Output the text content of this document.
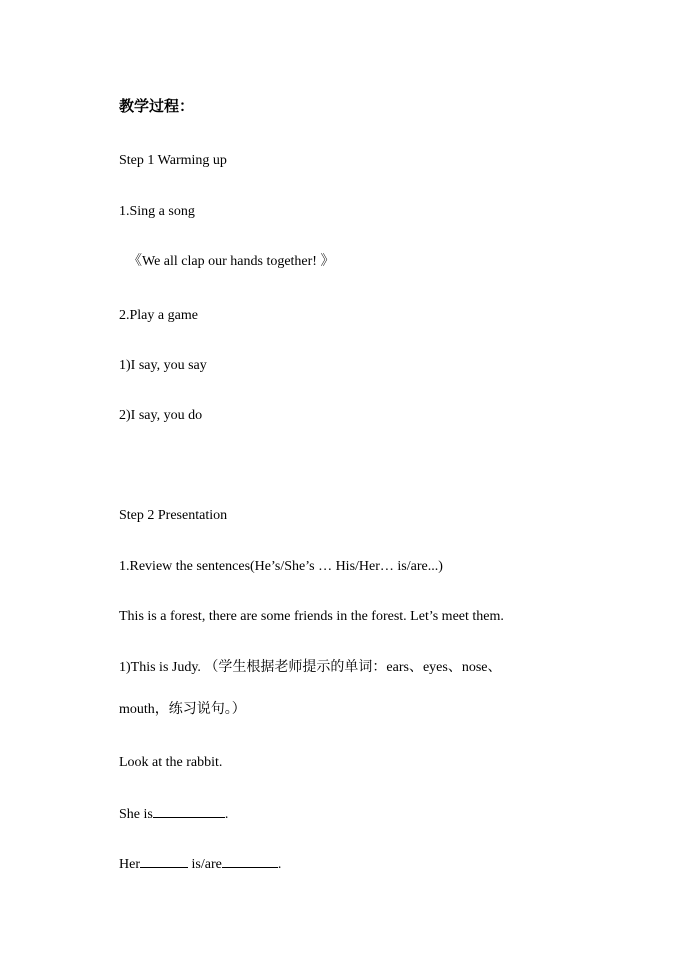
教学过程：
Step 1 Warming up
1.Sing a song
《We all clap our hands together! 》
2.Play a game
1)I say, you say
2)I say, you do
Step 2 Presentation
1.Review the sentences(He’s/She’s … His/Her… is/are...)
This is a forest, there are some friends in the forest. Let’s meet them.
1)This is Judy. （学生根据老师提示的单词：ears、eyes、nose、
mouth，练习说句。）
Look at the rabbit.
She is	.
Her	is/are	.
